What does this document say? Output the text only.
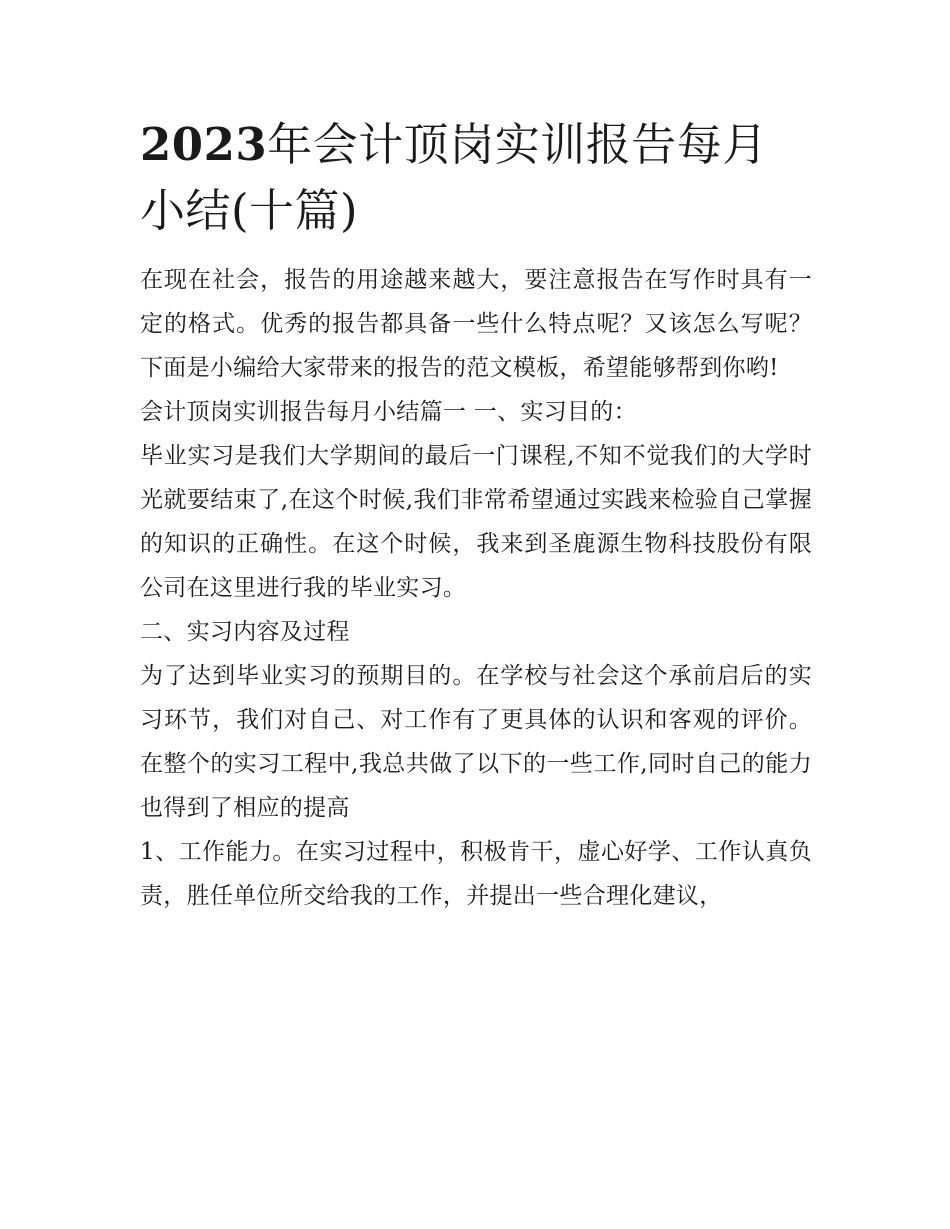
2023年会计顶岗实训报告每月小结(十篇)

在现在社会，报告的用途越来越大，要注意报告在写作时具有一定的格式。优秀的报告都具备一些什么特点呢？又该怎么写呢？下面是小编给大家带来的报告的范文模板，希望能够帮到你哟!

会计顶岗实训报告每月小结篇一 一、实习目的：

毕业实习是我们大学期间的最后一门课程,不知不觉我们的大学时光就要结束了,在这个时候,我们非常希望通过实践来检验自己掌握的知识的正确性。在这个时候，我来到圣鹿源生物科技股份有限公司在这里进行我的毕业实习。

二、实习内容及过程

为了达到毕业实习的预期目的。在学校与社会这个承前启后的实习环节，我们对自己、对工作有了更具体的认识和客观的评价。在整个的实习工程中,我总共做了以下的一些工作,同时自己的能力也得到了相应的提高

1、工作能力。在实习过程中，积极肯干，虚心好学、工作认真负责，胜任单位所交给我的工作，并提出一些合理化建议，
